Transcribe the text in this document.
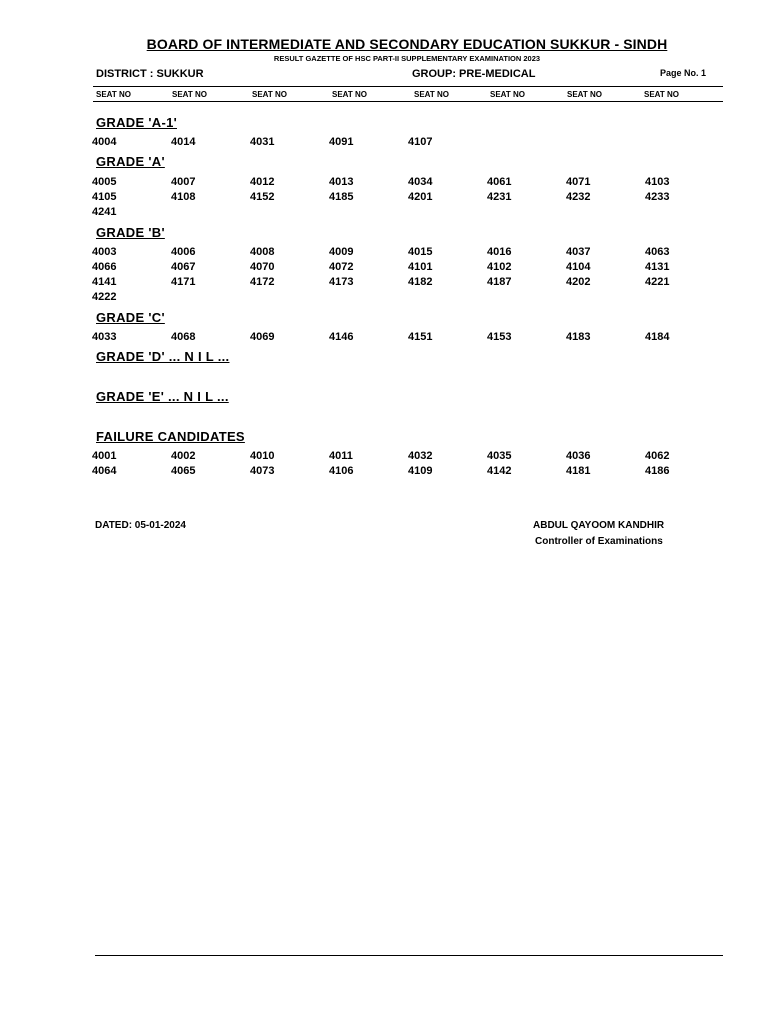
BOARD OF INTERMEDIATE AND SECONDARY EDUCATION SUKKUR - SINDH
RESULT GAZETTE OF HSC PART-II SUPPLEMENTARY EXAMINATION 2023
DISTRICT : SUKKUR	GROUP: PRE-MEDICAL	Page No. 1
SEAT NO	SEAT NO	SEAT NO	SEAT NO	SEAT NO	SEAT NO	SEAT NO	SEAT NO
GRADE 'A-1'
4004	4014	4031	4091	4107
GRADE 'A'
4005	4007	4012	4013	4034	4061	4071	4103
4105	4108	4152	4185	4201	4231	4232	4233
4241
GRADE 'B'
4003	4006	4008	4009	4015	4016	4037	4063
4066	4067	4070	4072	4101	4102	4104	4131
4141	4171	4172	4173	4182	4187	4202	4221
4222
GRADE 'C'
4033	4068	4069	4146	4151	4153	4183	4184
GRADE 'D' ... N I L ...
GRADE 'E' ... N I L ...
FAILURE CANDIDATES
4001	4002	4010	4011	4032	4035	4036	4062
4064	4065	4073	4106	4109	4142	4181	4186
DATED: 05-01-2024	ABDUL QAYOOM KANDHIR
Controller of Examinations
